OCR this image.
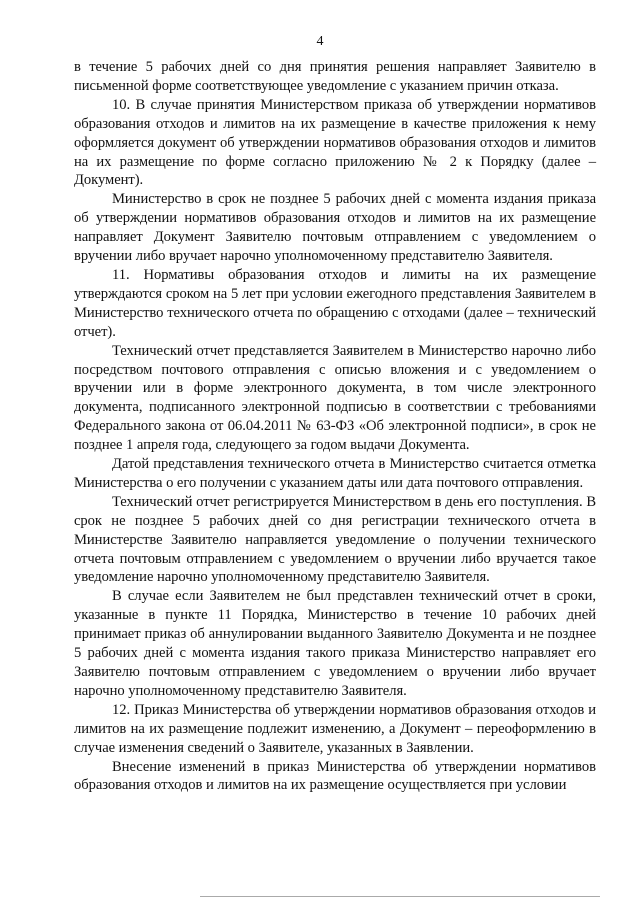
4

в течение 5 рабочих дней со дня принятия решения направляет Заявителю в письменной форме соответствующее уведомление с указанием причин отказа.

10. В случае принятия Министерством приказа об утверждении нормативов образования отходов и лимитов на их размещение в качестве приложения к нему оформляется документ об утверждении нормативов образования отходов и лимитов на их размещение по форме согласно приложению № 2 к Порядку (далее – Документ).

Министерство в срок не позднее 5 рабочих дней с момента издания приказа об утверждении нормативов образования отходов и лимитов на их размещение направляет Документ Заявителю почтовым отправлением с уведомлением о вручении либо вручает нарочно уполномоченному представителю Заявителя.

11. Нормативы образования отходов и лимиты на их размещение утверждаются сроком на 5 лет при условии ежегодного представления Заявителем в Министерство технического отчета по обращению с отходами (далее – технический отчет).

Технический отчет представляется Заявителем в Министерство нарочно либо посредством почтового отправления с описью вложения и с уведомлением о вручении или в форме электронного документа, в том числе электронного документа, подписанного электронной подписью в соответствии с требованиями Федерального закона от 06.04.2011 № 63-ФЗ «Об электронной подписи», в срок не позднее 1 апреля года, следующего за годом выдачи Документа.

Датой представления технического отчета в Министерство считается отметка Министерства о его получении с указанием даты или дата почтового отправления.

Технический отчет регистрируется Министерством в день его поступления. В срок не позднее 5 рабочих дней со дня регистрации технического отчета в Министерстве Заявителю направляется уведомление о получении технического отчета почтовым отправлением с уведомлением о вручении либо вручается такое уведомление нарочно уполномоченному представителю Заявителя.

В случае если Заявителем не был представлен технический отчет в сроки, указанные в пункте 11 Порядка, Министерство в течение 10 рабочих дней принимает приказ об аннулировании выданного Заявителю Документа и не позднее 5 рабочих дней с момента издания такого приказа Министерство направляет его Заявителю почтовым отправлением с уведомлением о вручении либо вручает нарочно уполномоченному представителю Заявителя.

12. Приказ Министерства об утверждении нормативов образования отходов и лимитов на их размещение подлежит изменению, а Документ – переоформлению в случае изменения сведений о Заявителе, указанных в Заявлении.

Внесение изменений в приказ Министерства об утверждении нормативов образования отходов и лимитов на их размещение осуществляется при условии
